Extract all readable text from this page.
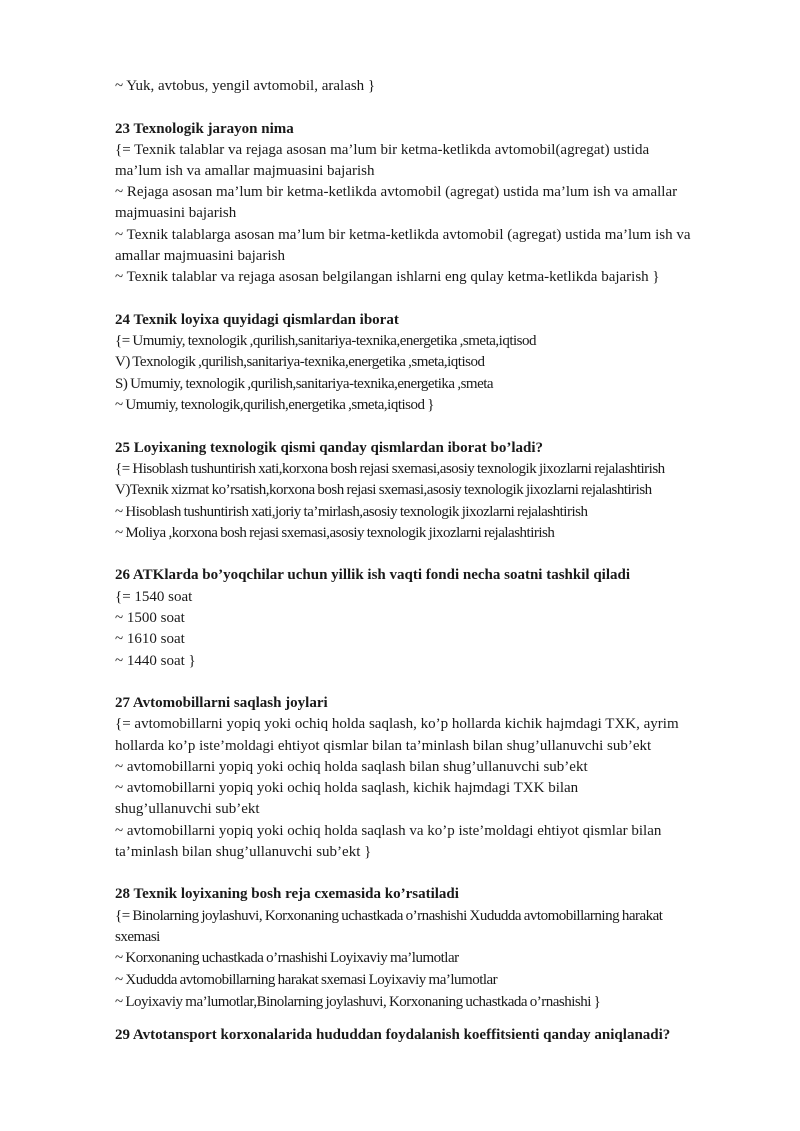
~ Yuk, avtobus, yengil avtomobil, aralash }
23 Texnologik jarayon nima
{= Texnik talablar va rejaga asosan ma’lum bir ketma-ketlikda avtomobil(agregat) ustida
ma’lum ish va amallar majmuasini bajarish
~ Rejaga asosan ma’lum bir ketma-ketlikda avtomobil (agregat) ustida ma’lum ish va amallar
majmuasini bajarish
~ Texnik talablarga asosan ma’lum bir ketma-ketlikda avtomobil (agregat) ustida ma’lum ish va
amallar majmuasini bajarish
~ Texnik talablar va rejaga asosan belgilangan ishlarni eng qulay ketma-ketlikda bajarish }
24 Texnik loyixa quyidagi qismlardan iborat
{= Umumiy, texnologik ,qurilish,sanitariya-texnika,energetika ,smeta,iqtisod
V) Texnologik ,qurilish,sanitariya-texnika,energetika ,smeta,iqtisod
S) Umumiy, texnologik ,qurilish,sanitariya-texnika,energetika ,smeta
~ Umumiy, texnologik,qurilish,energetika ,smeta,iqtisod }
25 Loyixaning texnologik qismi qanday qismlardan iborat bo’ladi?
{= Hisoblash tushuntirish xati,korxona bosh rejasi sxemasi,asosiy texnologik jixozlarni rejalashtirish
V)Texnik xizmat ko’rsatish,korxona bosh rejasi sxemasi,asosiy texnologik jixozlarni rejalashtirish
~ Hisoblash tushuntirish xati,joriy ta’mirlash,asosiy texnologik jixozlarni rejalashtirish
~ Moliya ,korxona bosh rejasi sxemasi,asosiy texnologik jixozlarni rejalashtirish
26 ATKlarda bo’yoqchilar uchun yillik ish vaqti fondi necha soatni tashkil qiladi
{= 1540 soat
~ 1500 soat
~ 1610 soat
~ 1440 soat }
27 Avtomobillarni saqlash joylari
{= avtomobillarni yopiq yoki ochiq holda saqlash, ko’p hollarda kichik hajmdagi TXK, ayrim
hollarda ko’p iste’moldagi ehtiyot qismlar bilan ta’minlash bilan shug’ullanuvchi sub’ekt
~ avtomobillarni yopiq yoki ochiq holda saqlash bilan shug’ullanuvchi sub’ekt
~ avtomobillarni yopiq yoki ochiq holda saqlash, kichik hajmdagi TXK bilan
shug’ullanuvchi sub’ekt
~ avtomobillarni yopiq yoki ochiq holda saqlash va ko’p iste’moldagi ehtiyot qismlar bilan
ta’minlash bilan shug’ullanuvchi sub’ekt }
28 Texnik loyixaning bosh reja cxemasida ko’rsatiladi
{= Binolarning joylashuvi, Korxonaning uchastkada o’rnashishi Xududda avtomobillarning harakat
sxemasi
~ Korxonaning uchastkada o’rnashishi Loyixaviy ma’lumotlar
~ Xududda avtomobillarning harakat sxemasi Loyixaviy ma’lumotlar
~ Loyixaviy ma’lumotlar,Binolarning joylashuvi, Korxonaning uchastkada o’rnashishi }
29 Avtotansport korxonalarida hududdan foydalanish koeffitsienti qanday aniqlanadi?
